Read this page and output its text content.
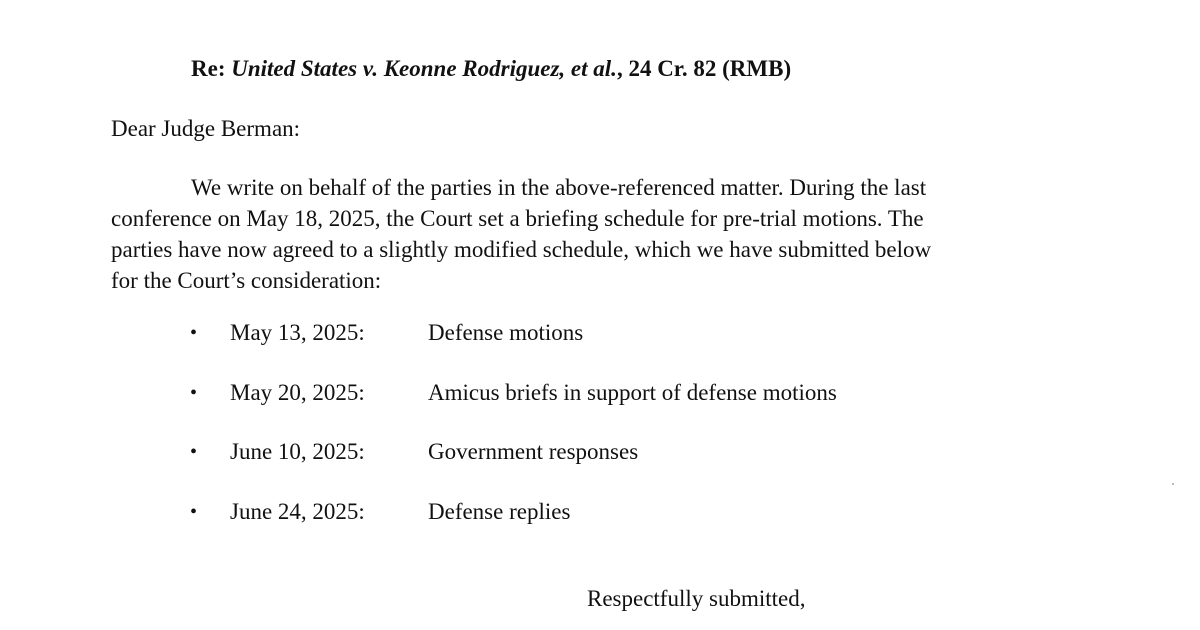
Re: United States v. Keonne Rodriguez, et al., 24 Cr. 82 (RMB)
Dear Judge Berman:
We write on behalf of the parties in the above-referenced matter. During the last
conference on May 18, 2025, the Court set a briefing schedule for pre-trial motions. The
parties have now agreed to a slightly modified schedule, which we have submitted below
for the Court’s consideration:
• May 13, 2025:	Defense motions
• May 20, 2025:	Amicus briefs in support of defense motions
• June 10, 2025:	Government responses
• June 24, 2025:	Defense replies
Respectfully submitted,
